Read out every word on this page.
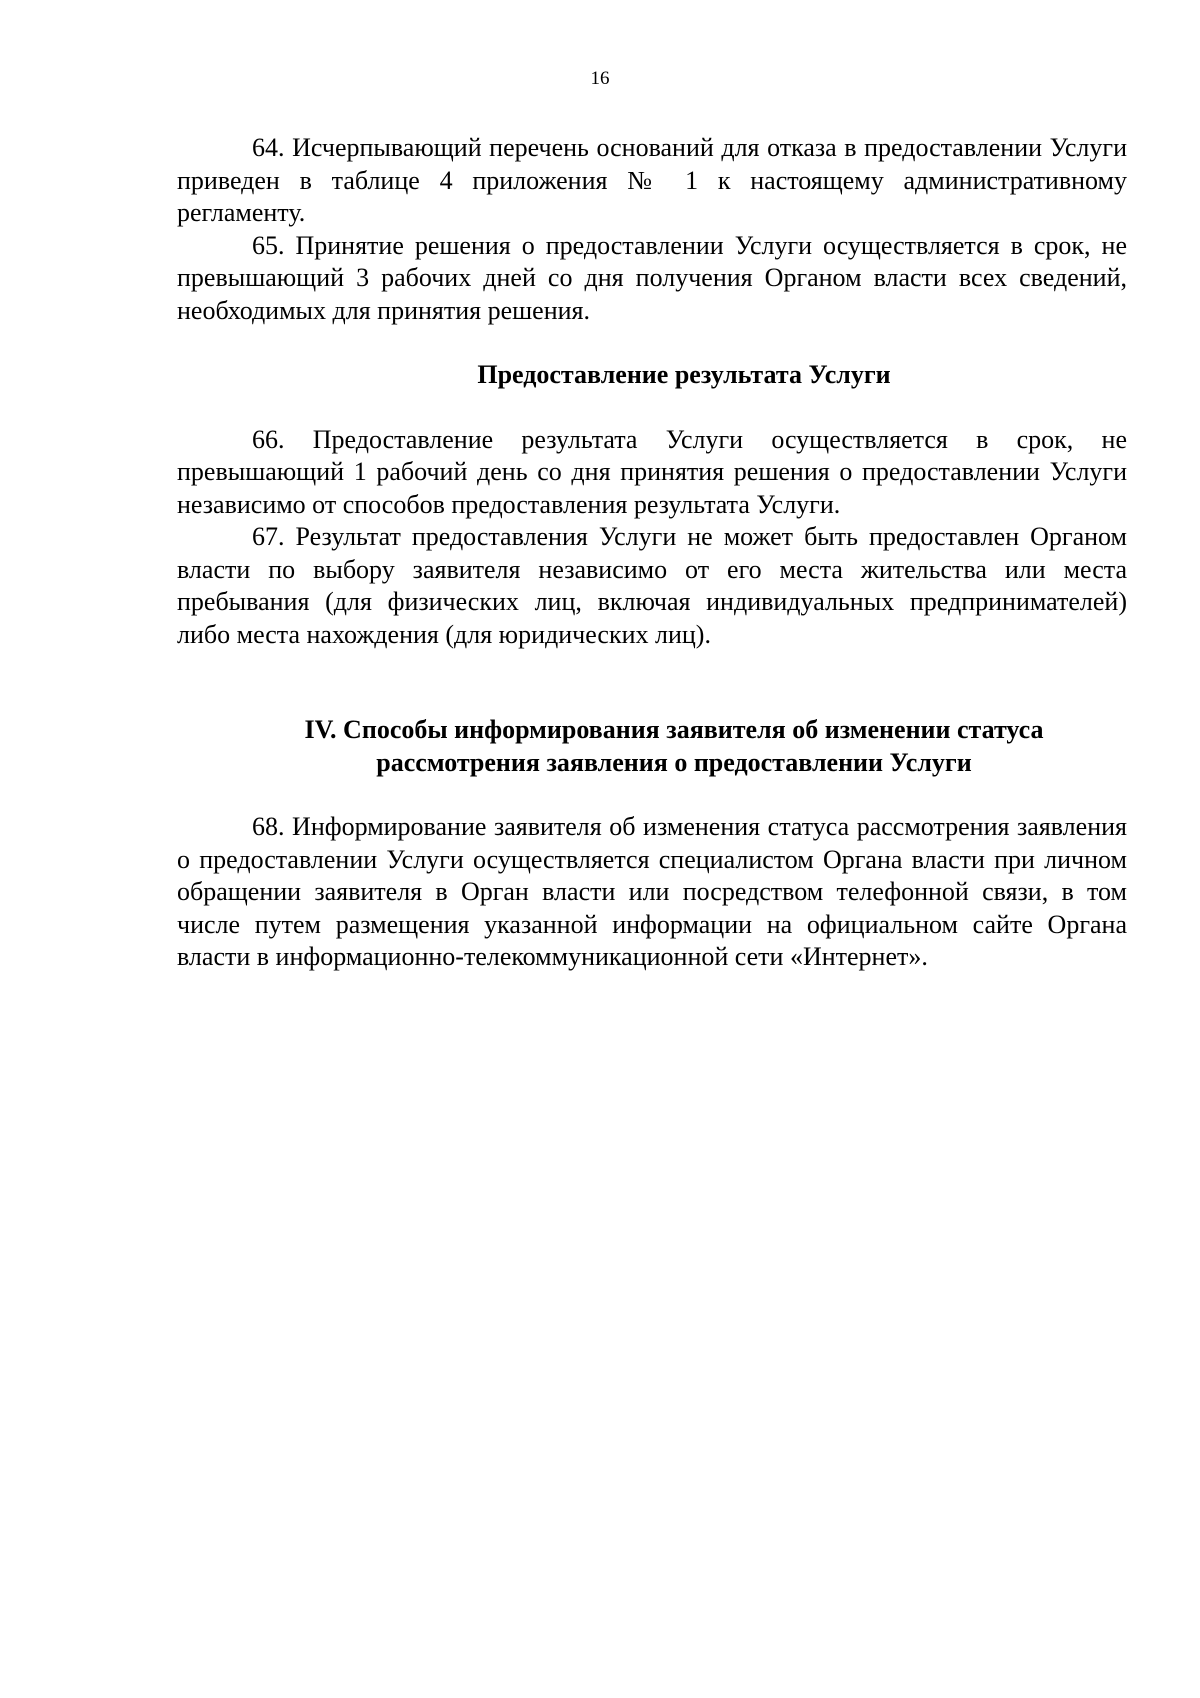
16

64. Исчерпывающий перечень оснований для отказа в предоставлении Услуги приведен в таблице 4 приложения № 1 к настоящему административному регламенту.

65. Принятие решения о предоставлении Услуги осуществляется в срок, не превышающий 3 рабочих дней со дня получения Органом власти всех сведений, необходимых для принятия решения.

Предоставление результата Услуги

66. Предоставление результата Услуги осуществляется в срок, не превышающий 1 рабочий день со дня принятия решения о предоставлении Услуги независимо от способов предоставления результата Услуги.

67. Результат предоставления Услуги не может быть предоставлен Органом власти по выбору заявителя независимо от его места жительства или места пребывания (для физических лиц, включая индивидуальных предпринимателей) либо места нахождения (для юридических лиц).

IV. Способы информирования заявителя об изменении статуса
рассмотрения заявления о предоставлении Услуги

68. Информирование заявителя об изменения статуса рассмотрения заявления о предоставлении Услуги осуществляется специалистом Органа власти при личном обращении заявителя в Орган власти или посредством телефонной связи, в том числе путем размещения указанной информации на официальном сайте Органа власти в информационно-телекоммуникационной сети «Интернет».
